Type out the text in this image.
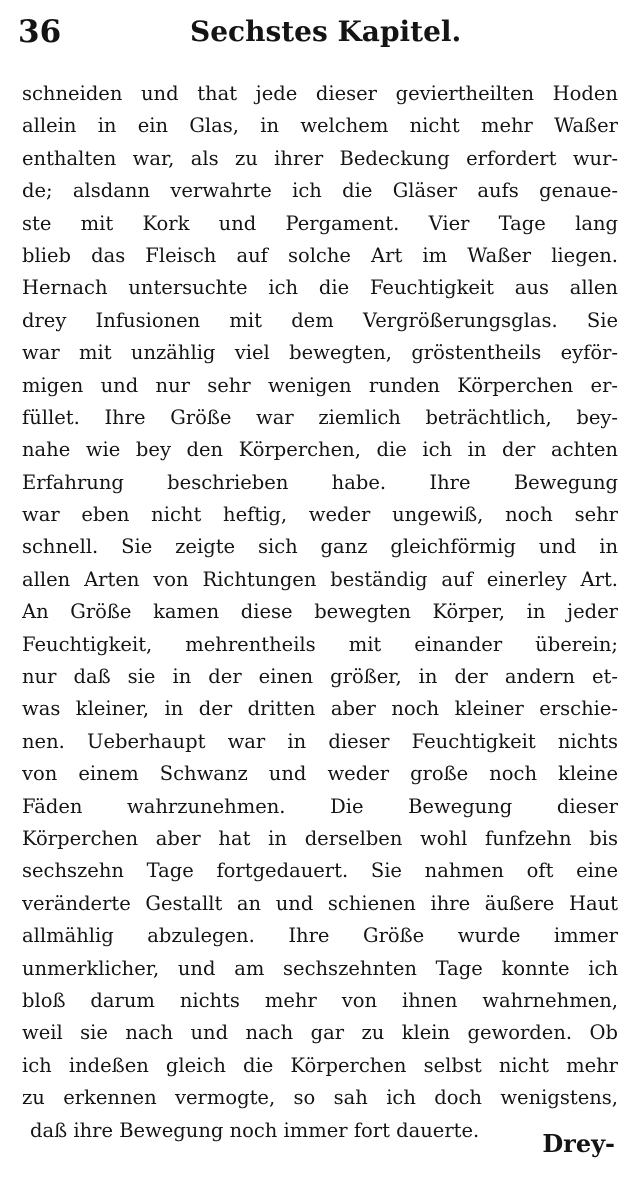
36	Sechstes Kapitel.
schneiden und that jede dieser geviertheilten Hoden
allein in ein Glas, in welchem nicht mehr Waßer
enthalten war, als zu ihrer Bedeckung erfordert wur-
de; alsdann verwahrte ich die Gläser aufs genaue-
ste mit Kork und Pergament. Vier Tage lang
blieb das Fleisch auf solche Art im Waßer liegen.
Hernach untersuchte ich die Feuchtigkeit aus allen
drey Infusionen mit dem Vergrößerungsglas. Sie
war mit unzählig viel bewegten, gröstentheils eyför-
migen und nur sehr wenigen runden Körperchen er-
füllet. Ihre Größe war ziemlich beträchtlich, bey-
nahe wie bey den Körperchen, die ich in der achten
Erfahrung beschrieben habe. Ihre Bewegung
war eben nicht heftig, weder ungewiß, noch sehr
schnell. Sie zeigte sich ganz gleichförmig und in
allen Arten von Richtungen beständig auf einerley Art.
An Größe kamen diese bewegten Körper, in jeder
Feuchtigkeit, mehrentheils mit einander überein;
nur daß sie in der einen größer, in der andern et-
was kleiner, in der dritten aber noch kleiner erschie-
nen. Ueberhaupt war in dieser Feuchtigkeit nichts
von einem Schwanz und weder große noch kleine
Fäden wahrzunehmen. Die Bewegung dieser
Körperchen aber hat in derselben wohl funfzehn bis
sechszehn Tage fortgedauert. Sie nahmen oft eine
veränderte Gestallt an und schienen ihre äußere Haut
allmählig abzulegen. Ihre Größe wurde immer
unmerklicher, und am sechszehnten Tage konnte ich
bloß darum nichts mehr von ihnen wahrnehmen,
weil sie nach und nach gar zu klein geworden. Ob
ich indeßen gleich die Körperchen selbst nicht mehr
zu erkennen vermogte, so sah ich doch wenigstens,
daß ihre Bewegung noch immer fort dauerte.	Drey-
